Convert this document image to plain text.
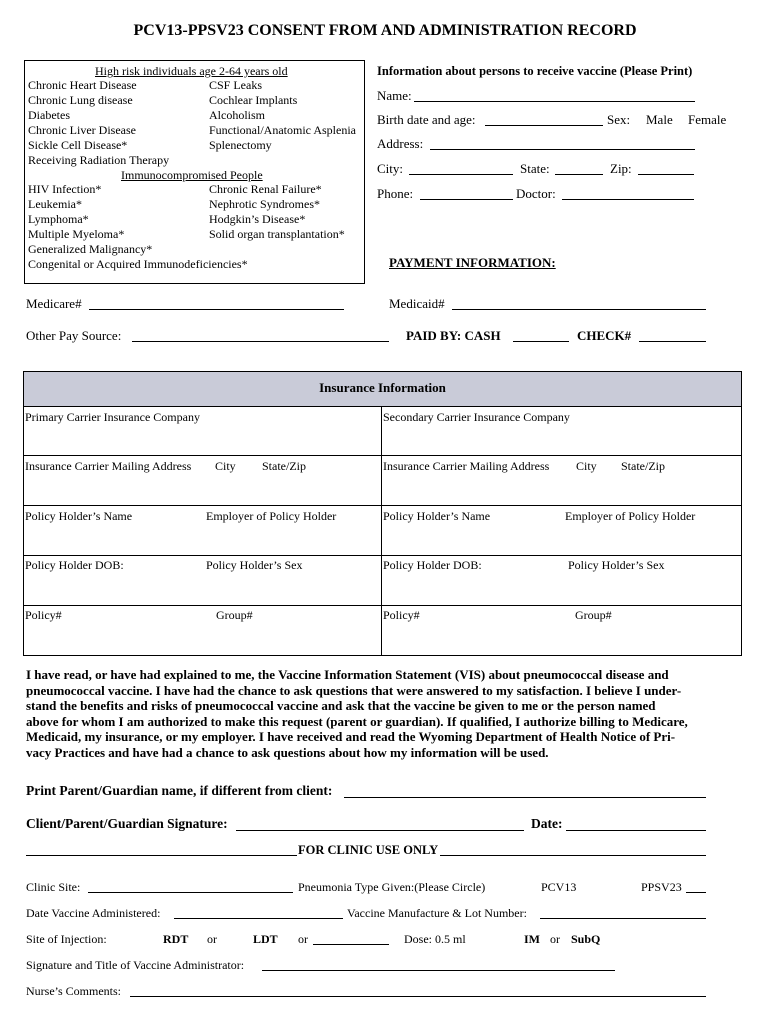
PCV13-PPSV23 CONSENT FROM AND ADMINISTRATION RECORD
High risk individuals age 2-64 years old
Chronic Heart Disease
Chronic Lung disease
Diabetes
Chronic Liver Disease
Sickle Cell Disease*
Receiving Radiation Therapy
CSF Leaks
Cochlear Implants
Alcoholism
Functional/Anatomic Asplenia
Splenectomy
Immunocompromised People
HIV Infection*
Leukemia*
Lymphoma*
Multiple Myeloma*
Generalized Malignancy*
Congenital or Acquired Immunodeficiencies*
Chronic Renal Failure*
Nephrotic Syndromes*
Hodgkin’s Disease*
Solid organ transplantation*
Information about persons to receive vaccine (Please Print)
Name:
Birth date and age:	Sex: Male Female
Address:
City:	State:	Zip:
Phone:	Doctor:
PAYMENT INFORMATION:
Medicare#	Medicaid#
Other Pay Source:	PAID BY: CASH	CHECK#
Insurance Information
Primary Carrier Insurance Company	Secondary Carrier Insurance Company
Insurance Carrier Mailing Address City State/Zip	Insurance Carrier Mailing Address City State/Zip
Policy Holder’s Name	Employer of Policy Holder	Policy Holder’s Name	Employer of Policy Holder
Policy Holder DOB:	Policy Holder’s Sex	Policy Holder DOB:	Policy Holder’s Sex
Policy#	Group#	Policy#	Group#

I have read, or have had explained to me, the Vaccine Information Statement (VIS) about pneumococcal disease and

pneumococcal vaccine. I have had the chance to ask questions that were answered to my satisfaction. I believe I under-

stand the benefits and risks of pneumococcal vaccine and ask that the vaccine be given to me or the person named

above for whom I am authorized to make this request (parent or guardian). If qualified, I authorize billing to Medicare,

Medicaid, my insurance, or my employer. I have received and read the Wyoming Department of Health Notice of Pri-

vacy Practices and have had a chance to ask questions about how my information will be used.

Print Parent/Guardian name, if different from client:
Client/Parent/Guardian Signature:	Date:
FOR CLINIC USE ONLY
Clinic Site:	Pneumonia Type Given:(Please Circle)	PCV13	PPSV23
Date Vaccine Administered:	Vaccine Manufacture & Lot Number:
Site of Injection:	RDT or	LDT or	Dose: 0.5 ml	IM or SubQ
Signature and Title of Vaccine Administrator:
Nurse’s Comments:
